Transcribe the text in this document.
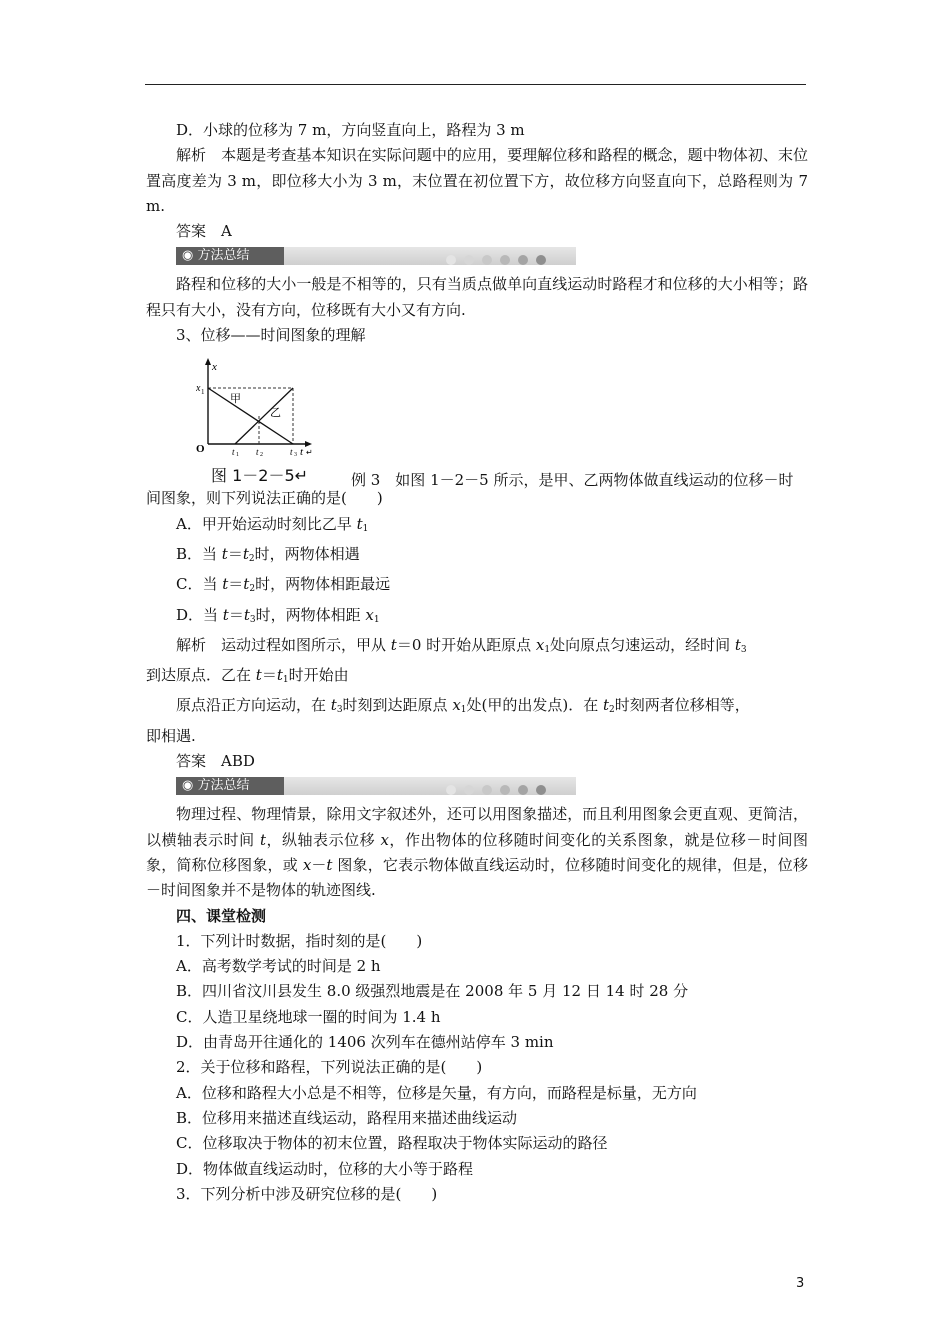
D．小球的位移为 7 m，方向竖直向上，路程为 3 m

解析　本题是考查基本知识在实际问题中的应用，要理解位移和路程的概念，题中物体初、末位置高度差为 3 m，即位移大小为 3 m，末位置在初位置下方，故位移方向竖直向下，总路程则为 7 m.

答案　A

◉ 方法总结

路程和位移的大小一般是不相等的，只有当质点做单向直线运动时路程才和位移的大小相等；路程只有大小，没有方向，位移既有大小又有方向.

3、位移——时间图象的理解

x
x 1 甲
乙
O	t 1 t 2	t 3 t ↵
图 1－2－5↵	例 3　如图 1－2－5 所示，是甲、乙两物体做直线运动的位移－时

间图象，则下列说法正确的是(　　)

A．甲开始运动时刻比乙早 $t_1$

B．当 $t=t_2$时，两物体相遇

C．当 $t=t_2$时，两物体相距最远

D．当 $t=t_3$时，两物体相距 $x_1$

解析　运动过程如图所示，甲从 t＝0 时开始从距原点 $x_1$处向原点匀速运动，经时间 $t_3$

到达原点．乙在 $t=t_1$时开始由

原点沿正方向运动，在 $t_3$时刻到达距原点 $x_1$处(甲的出发点)．在 $t_2$时刻两者位移相等，

即相遇.

答案　ABD

◉ 方法总结

物理过程、物理情景，除用文字叙述外，还可以用图象描述，而且利用图象会更直观、更简洁，以横轴表示时间 t，纵轴表示位移 x，作出物体的位移随时间变化的关系图象，就是位移－时间图象，简称位移图象，或 x－t 图象，它表示物体做直线运动时，位移随时间变化的规律，但是，位移－时间图象并不是物体的轨迹图线.

四、课堂检测

1．下列计时数据，指时刻的是(　　)

A．高考数学考试的时间是 2 h

B．四川省汶川县发生 8.0 级强烈地震是在 2008 年 5 月 12 日 14 时 28 分

C．人造卫星绕地球一圈的时间为 1.4 h

D．由青岛开往通化的 1406 次列车在德州站停车 3 min

2．关于位移和路程，下列说法正确的是(　　)

A．位移和路程大小总是不相等，位移是矢量，有方向，而路程是标量，无方向

B．位移用来描述直线运动，路程用来描述曲线运动

C．位移取决于物体的初末位置，路程取决于物体实际运动的路径

D．物体做直线运动时，位移的大小等于路程

3．下列分析中涉及研究位移的是(　　)

3
